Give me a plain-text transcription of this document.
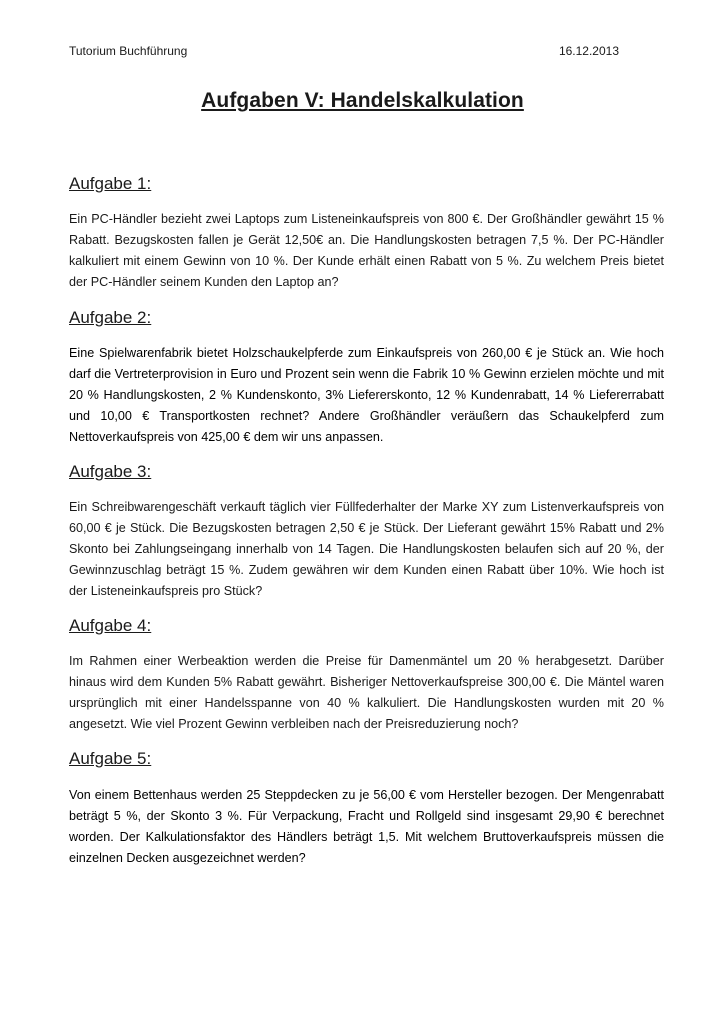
Tutorium Buchführung	16.12.2013
Aufgaben V: Handelskalkulation
Aufgabe 1:
Ein PC-Händler bezieht zwei Laptops zum Listeneinkaufspreis von 800 €. Der Großhändler gewährt 15 % Rabatt. Bezugskosten fallen je Gerät 12,50€ an. Die Handlungskosten betragen 7,5 %. Der PC-Händler kalkuliert mit einem Gewinn von 10 %. Der Kunde erhält einen Rabatt von 5 %. Zu welchem Preis bietet der PC-Händler seinem Kunden den Laptop an?
Aufgabe 2:
Eine Spielwarenfabrik bietet Holzschaukelpferde zum Einkaufspreis von 260,00 € je Stück an. Wie hoch darf die Vertreterprovision in Euro und Prozent sein wenn die Fabrik 10 % Gewinn erzielen möchte und mit 20 % Handlungskosten, 2 % Kundenskonto, 3% Liefererskonto, 12 % Kundenrabatt, 14 % Liefererrabatt und 10,00 € Transportkosten rechnet? Andere Großhändler veräußern das Schaukelpferd zum Nettoverkaufspreis von 425,00 € dem wir uns anpassen.
Aufgabe 3:
Ein Schreibwarengeschäft verkauft täglich vier Füllfederhalter der Marke XY zum Listenverkaufspreis von 60,00 € je Stück. Die Bezugskosten betragen 2,50 € je Stück. Der Lieferant gewährt 15% Rabatt und 2% Skonto bei Zahlungseingang innerhalb von 14 Tagen. Die Handlungskosten belaufen sich auf 20 %, der Gewinnzuschlag beträgt 15 %. Zudem gewähren wir dem Kunden einen Rabatt über 10%. Wie hoch ist der Listeneinkaufspreis pro Stück?
Aufgabe 4:
Im Rahmen einer Werbeaktion werden die Preise für Damenmäntel um 20 % herabgesetzt. Darüber hinaus wird dem Kunden 5% Rabatt gewährt. Bisheriger Nettoverkaufspreise 300,00 €. Die Mäntel waren ursprünglich mit einer Handelsspanne von 40 % kalkuliert. Die Handlungskosten wurden mit 20 % angesetzt. Wie viel Prozent Gewinn verbleiben nach der Preisreduzierung noch?
Aufgabe 5:
Von einem Bettenhaus werden 25 Steppdecken zu je 56,00 € vom Hersteller bezogen. Der Mengenrabatt beträgt 5 %, der Skonto 3 %. Für Verpackung, Fracht und Rollgeld sind insgesamt 29,90 € berechnet worden. Der Kalkulationsfaktor des Händlers beträgt 1,5. Mit welchem Bruttoverkaufspreis müssen die einzelnen Decken ausgezeichnet werden?
